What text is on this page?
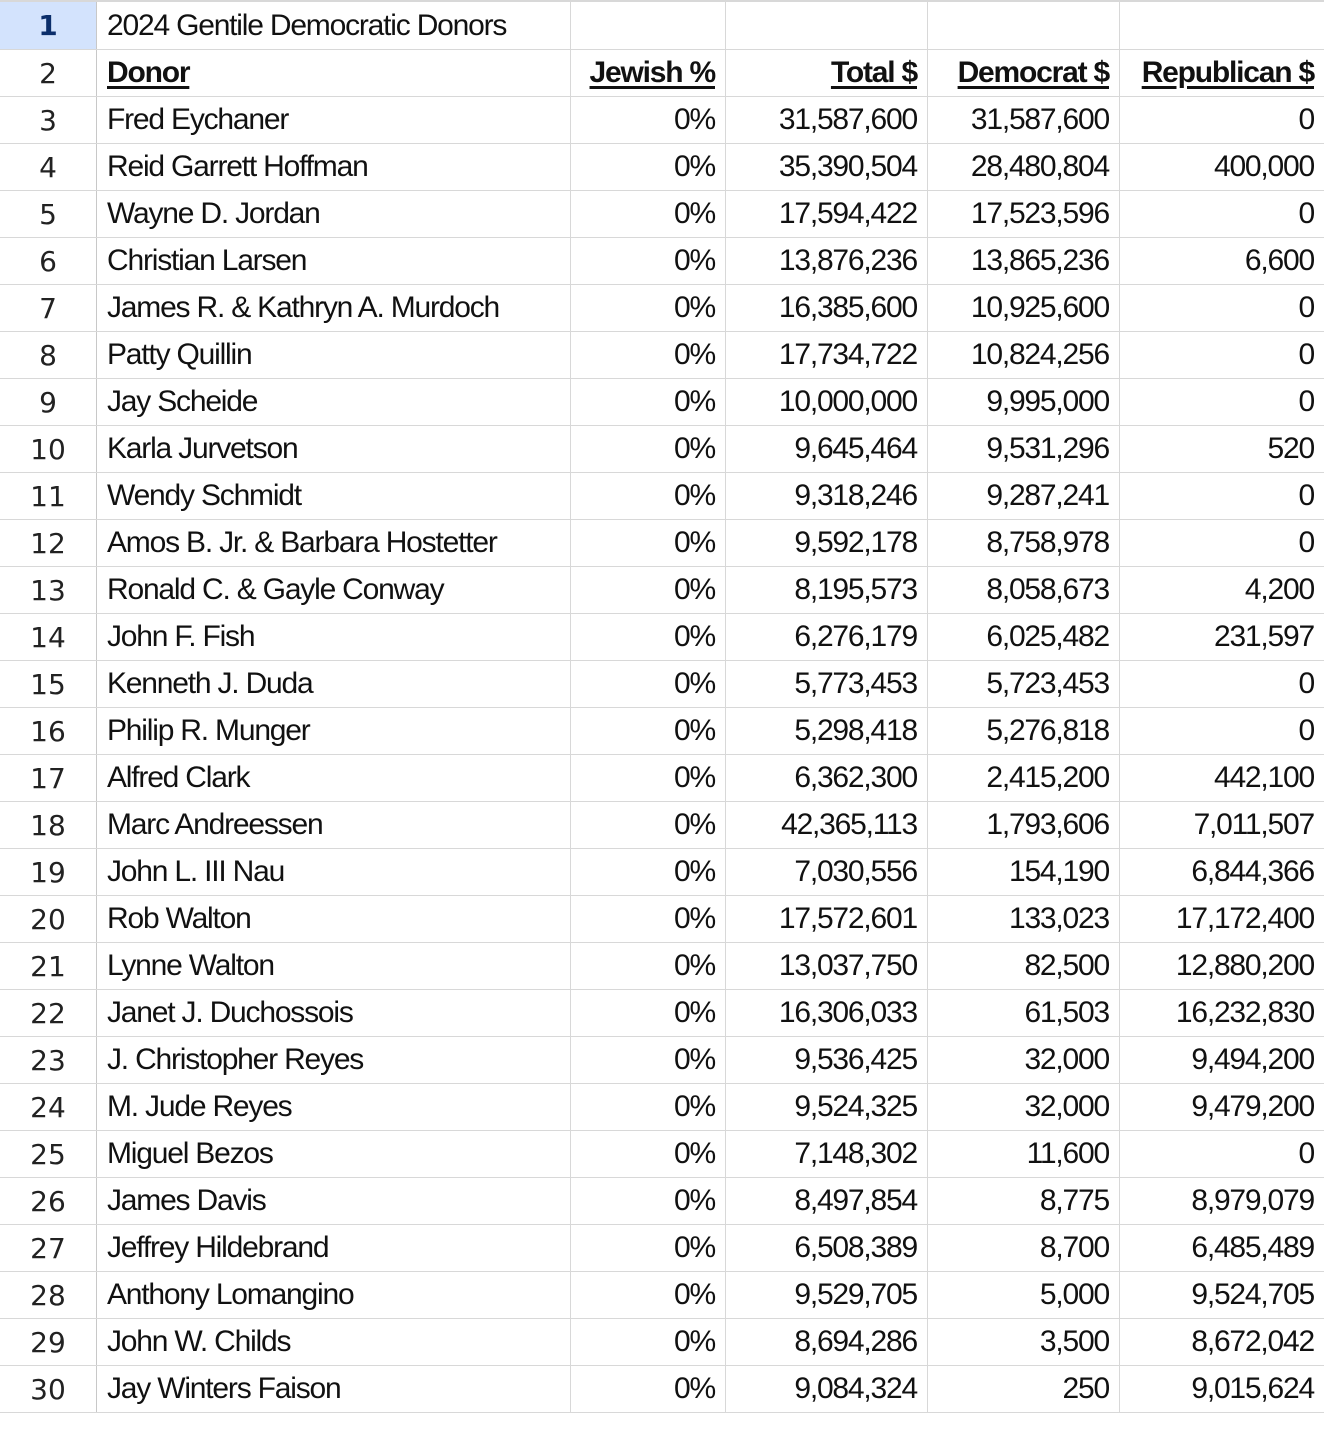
1	2024 Gentile Democratic Donors
2	Donor	Jewish %	Total $	Democrat $	Republican $
3	Fred Eychaner	0%	31,587,600	31,587,600	0
4	Reid Garrett Hoffman	0%	35,390,504	28,480,804	400,000
5	Wayne D. Jordan	0%	17,594,422	17,523,596	0
6	Christian Larsen	0%	13,876,236	13,865,236	6,600
7	James R. & Kathryn A. Murdoch	0%	16,385,600	10,925,600	0
8	Patty Quillin	0%	17,734,722	10,824,256	0
9	Jay Scheide	0%	10,000,000	9,995,000	0
10	Karla Jurvetson	0%	9,645,464	9,531,296	520
11	Wendy Schmidt	0%	9,318,246	9,287,241	0
12	Amos B. Jr. & Barbara Hostetter	0%	9,592,178	8,758,978	0
13	Ronald C. & Gayle Conway	0%	8,195,573	8,058,673	4,200
14	John F. Fish	0%	6,276,179	6,025,482	231,597
15	Kenneth J. Duda	0%	5,773,453	5,723,453	0
16	Philip R. Munger	0%	5,298,418	5,276,818	0
17	Alfred Clark	0%	6,362,300	2,415,200	442,100
18	Marc Andreessen	0%	42,365,113	1,793,606	7,011,507
19	John L. III Nau	0%	7,030,556	154,190	6,844,366
20	Rob Walton	0%	17,572,601	133,023	17,172,400
21	Lynne Walton	0%	13,037,750	82,500	12,880,200
22	Janet J. Duchossois	0%	16,306,033	61,503	16,232,830
23	J. Christopher Reyes	0%	9,536,425	32,000	9,494,200
24	M. Jude Reyes	0%	9,524,325	32,000	9,479,200
25	Miguel Bezos	0%	7,148,302	11,600	0
26	James Davis	0%	8,497,854	8,775	8,979,079
27	Jeffrey Hildebrand	0%	6,508,389	8,700	6,485,489
28	Anthony Lomangino	0%	9,529,705	5,000	9,524,705
29	John W. Childs	0%	8,694,286	3,500	8,672,042
30	Jay Winters Faison	0%	9,084,324	250	9,015,624
